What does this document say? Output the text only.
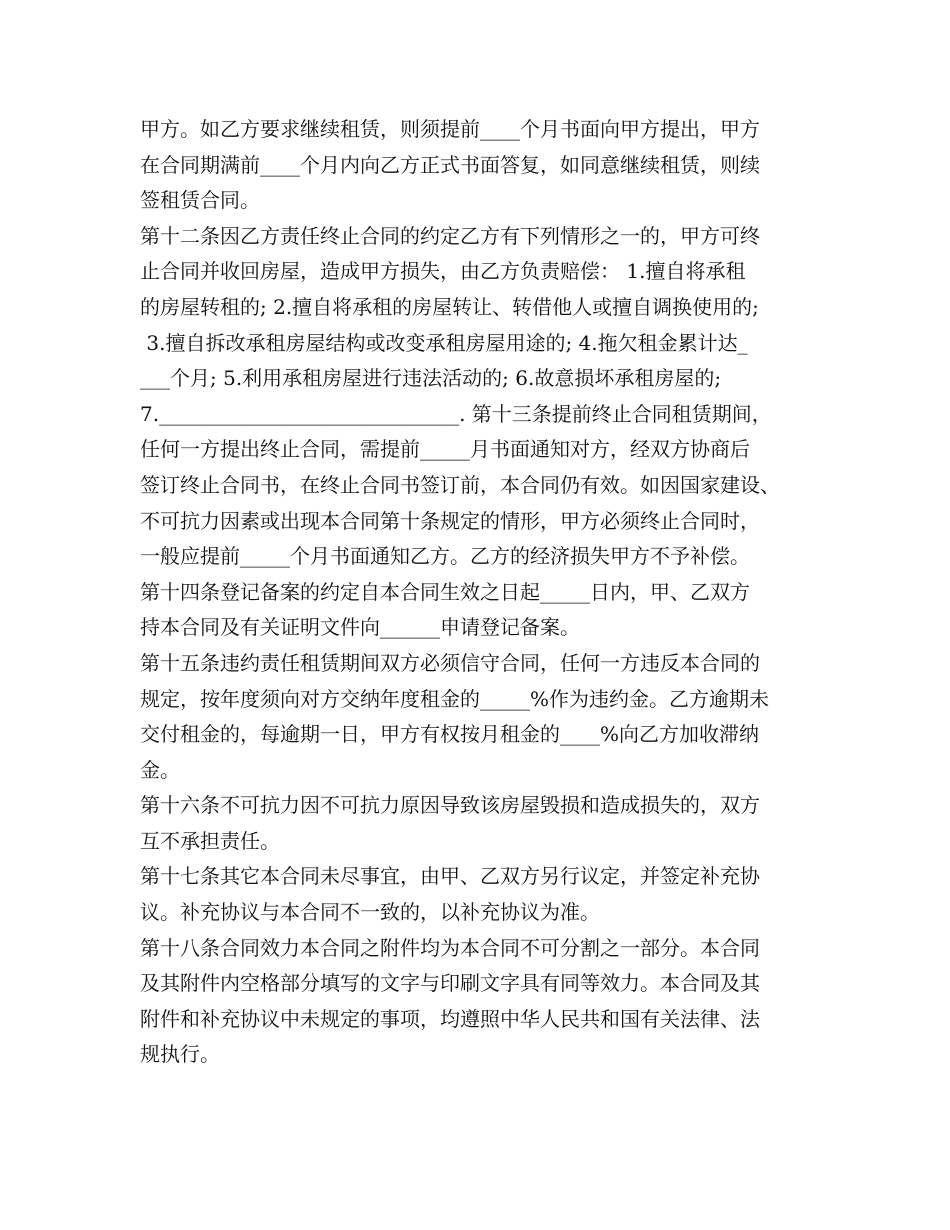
甲方。如乙方要求继续租赁，则须提前____个月书面向甲方提出，甲方
在合同期满前____个月内向乙方正式书面答复，如同意继续租赁，则续
签租赁合同。
第十二条因乙方责任终止合同的约定乙方有下列情形之一的，甲方可终
止合同并收回房屋，造成甲方损失，由乙方负责赔偿： 1.擅自将承租
的房屋转租的; 2.擅自将承租的房屋转让、转借他人或擅自调换使用的;
3.擅自拆改承租房屋结构或改变承租房屋用途的; 4.拖欠租金累计达_
___个月; 5.利用承租房屋进行违法活动的; 6.故意损坏承租房屋的;
7.______________________________. 第十三条提前终止合同租赁期间，
任何一方提出终止合同，需提前_____月书面通知对方，经双方协商后
签订终止合同书，在终止合同书签订前，本合同仍有效。如因国家建设、
不可抗力因素或出现本合同第十条规定的情形，甲方必须终止合同时，
一般应提前_____个月书面通知乙方。乙方的经济损失甲方不予补偿。
第十四条登记备案的约定自本合同生效之日起_____日内，甲、乙双方
持本合同及有关证明文件向______申请登记备案。
第十五条违约责任租赁期间双方必须信守合同，任何一方违反本合同的
规定，按年度须向对方交纳年度租金的_____%作为违约金。乙方逾期未
交付租金的，每逾期一日，甲方有权按月租金的____%向乙方加收滞纳
金。
第十六条不可抗力因不可抗力原因导致该房屋毁损和造成损失的，双方
互不承担责任。
第十七条其它本合同未尽事宜，由甲、乙双方另行议定，并签定补充协
议。补充协议与本合同不一致的，以补充协议为准。
第十八条合同效力本合同之附件均为本合同不可分割之一部分。本合同
及其附件内空格部分填写的文字与印刷文字具有同等效力。本合同及其
附件和补充协议中未规定的事项，均遵照中华人民共和国有关法律、法
规执行。
